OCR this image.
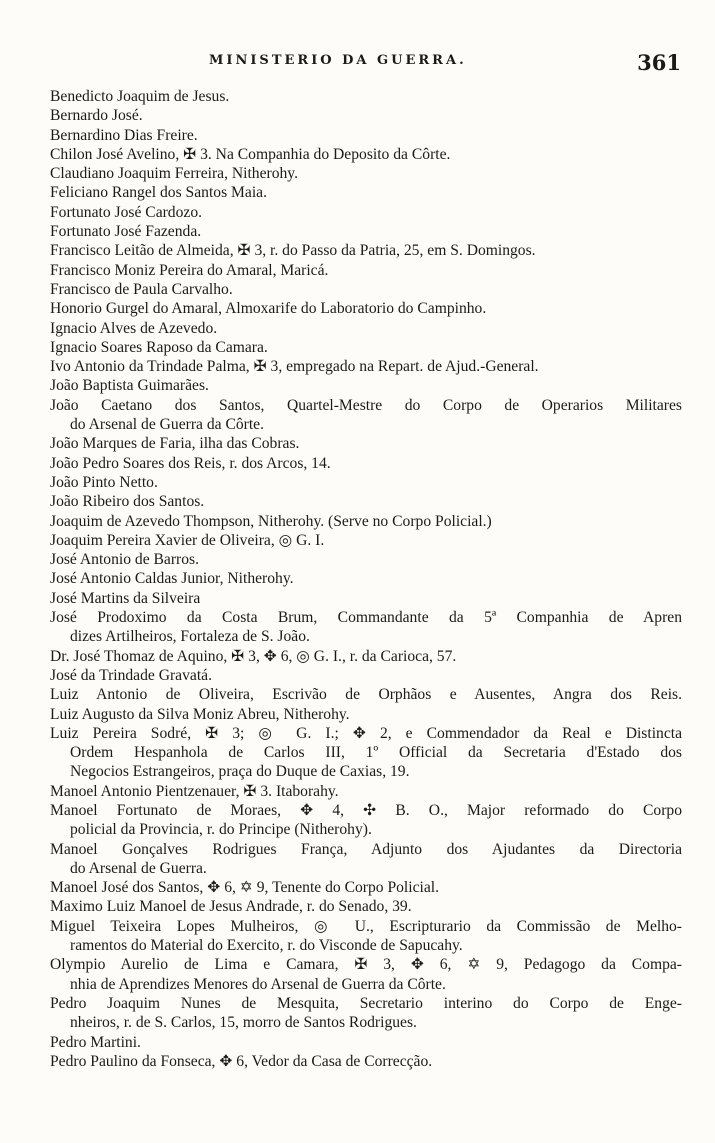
MINISTERIO DA GUERRA.	361
Benedicto Joaquim de Jesus.
Bernardo José.
Bernardino Dias Freire.
Chilon José Avelino, ✠ 3. Na Companhia do Deposito da Côrte.
Claudiano Joaquim Ferreira, Nitherohy.
Feliciano Rangel dos Santos Maia.
Fortunato José Cardozo.
Fortunato José Fazenda.
Francisco Leitão de Almeida, ✠ 3, r. do Passo da Patria, 25, em S. Domingos.
Francisco Moniz Pereira do Amaral, Maricá.
Francisco de Paula Carvalho.
Honorio Gurgel do Amaral, Almoxarife do Laboratorio do Campinho.
Ignacio Alves de Azevedo.
Ignacio Soares Raposo da Camara.
Ivo Antonio da Trindade Palma, ✠ 3, empregado na Repart. de Ajud.-General.
João Baptista Guimarães.
João Caetano dos Santos, Quartel-Mestre do Corpo de Operarios Militares
do Arsenal de Guerra da Côrte.
João Marques de Faria, ilha das Cobras.
João Pedro Soares dos Reis, r. dos Arcos, 14.
João Pinto Netto.
João Ribeiro dos Santos.
Joaquim de Azevedo Thompson, Nitherohy. (Serve no Corpo Policial.)
Joaquim Pereira Xavier de Oliveira, ◎ G. I.
José Antonio de Barros.
José Antonio Caldas Junior, Nitherohy.
José Martins da Silveira
José Prodoximo da Costa Brum, Commandante da 5ª Companhia de Apren
dizes Artilheiros, Fortaleza de S. João.
Dr. José Thomaz de Aquino, ✠ 3, ✥ 6, ◎ G. I., r. da Carioca, 57.
José da Trindade Gravatá.
Luiz Antonio de Oliveira, Escrivão de Orphãos e Ausentes, Angra dos Reis.
Luiz Augusto da Silva Moniz Abreu, Nitherohy.
Luiz Pereira Sodré, ✠ 3; ◎ G. I.; ✥ 2, e Commendador da Real e Distincta
Ordem Hespanhola de Carlos III, 1º Official da Secretaria d'Estado dos
Negocios Estrangeiros, praça do Duque de Caxias, 19.
Manoel Antonio Pientzenauer, ✠ 3. Itaborahy.
Manoel Fortunato de Moraes, ✥ 4, ✣ B. O., Major reformado do Corpo
policial da Provincia, r. do Principe (Nitherohy).
Manoel Gonçalves Rodrigues França, Adjunto dos Ajudantes da Directoria
do Arsenal de Guerra.
Manoel José dos Santos, ✥ 6, ✡ 9, Tenente do Corpo Policial.
Maximo Luiz Manoel de Jesus Andrade, r. do Senado, 39.
Miguel Teixeira Lopes Mulheiros, ◎ U., Escripturario da Commissão de Melho-
ramentos do Material do Exercito, r. do Visconde de Sapucahy.
Olympio Aurelio de Lima e Camara, ✠ 3, ✥ 6, ✡ 9, Pedagogo da Compa-
nhia de Aprendizes Menores do Arsenal de Guerra da Côrte.
Pedro Joaquim Nunes de Mesquita, Secretario interino do Corpo de Enge-
nheiros, r. de S. Carlos, 15, morro de Santos Rodrigues.
Pedro Martini.
Pedro Paulino da Fonseca, ✥ 6, Vedor da Casa de Correcção.
